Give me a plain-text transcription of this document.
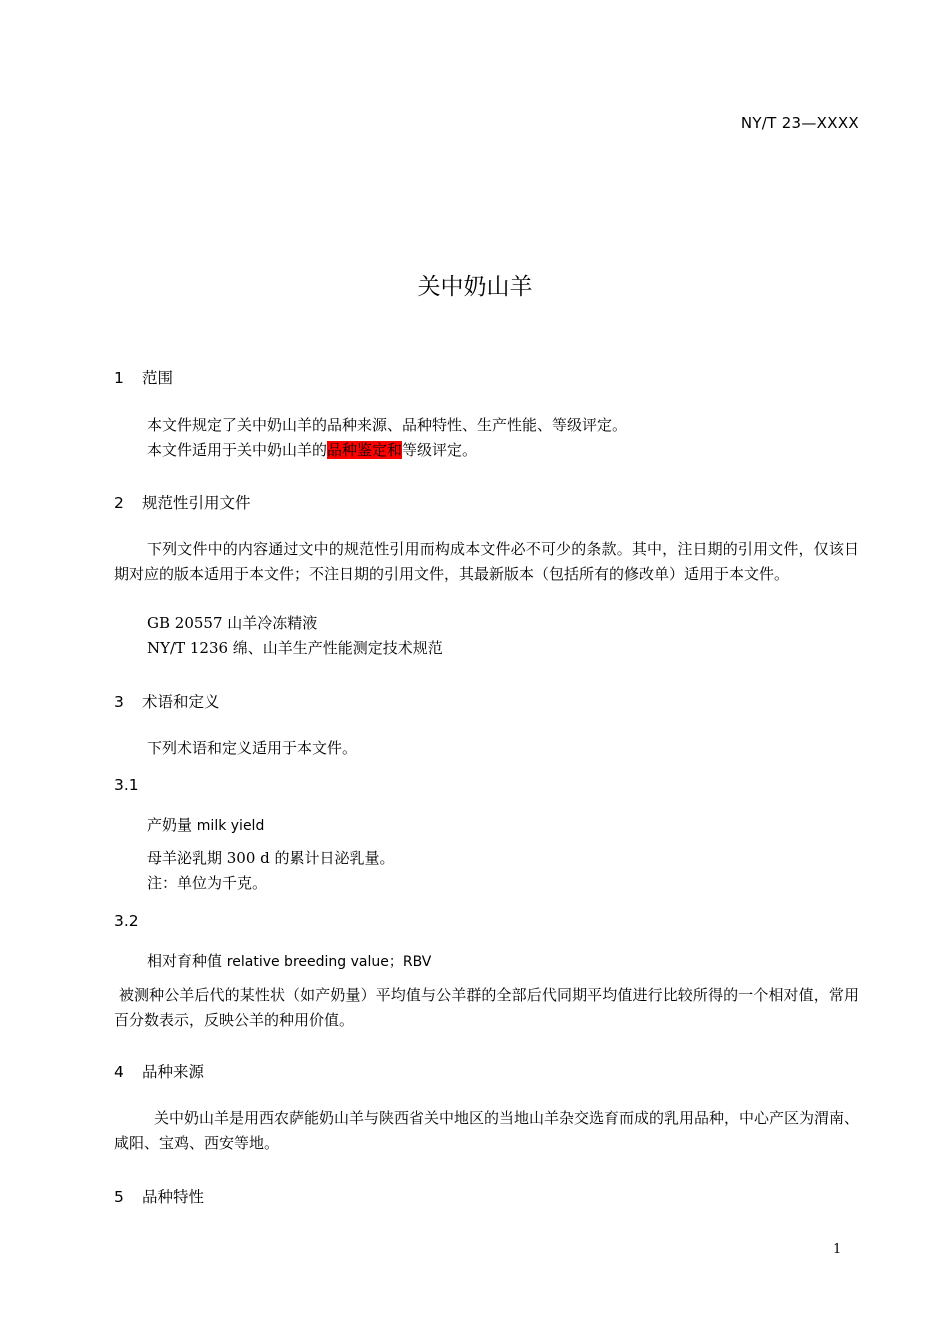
NY/T 23—XXXX
关中奶山羊
1 范围
本文件规定了关中奶山羊的品种来源、品种特性、生产性能、等级评定。
本文件适用于关中奶山羊的品种鉴定和等级评定。
2 规范性引用文件
下列文件中的内容通过文中的规范性引用而构成本文件必不可少的条款。其中，注日期的引用文件，仅该日期对应的版本适用于本文件；不注日期的引用文件，其最新版本（包括所有的修改单）适用于本文件。
GB 20557 山羊冷冻精液
NY/T 1236 绵、山羊生产性能测定技术规范
3 术语和定义
下列术语和定义适用于本文件。
3.1
产奶量 milk yield
母羊泌乳期 300 d 的累计日泌乳量。
注：单位为千克。
3.2
相对育种值 relative breeding value；RBV
被测种公羊后代的某性状（如产奶量）平均值与公羊群的全部后代同期平均值进行比较所得的一个相对值，常用百分数表示，反映公羊的种用价值。
4 品种来源
关中奶山羊是用西农萨能奶山羊与陕西省关中地区的当地山羊杂交选育而成的乳用品种，中心产区为渭南、咸阳、宝鸡、西安等地。
5 品种特性
1
